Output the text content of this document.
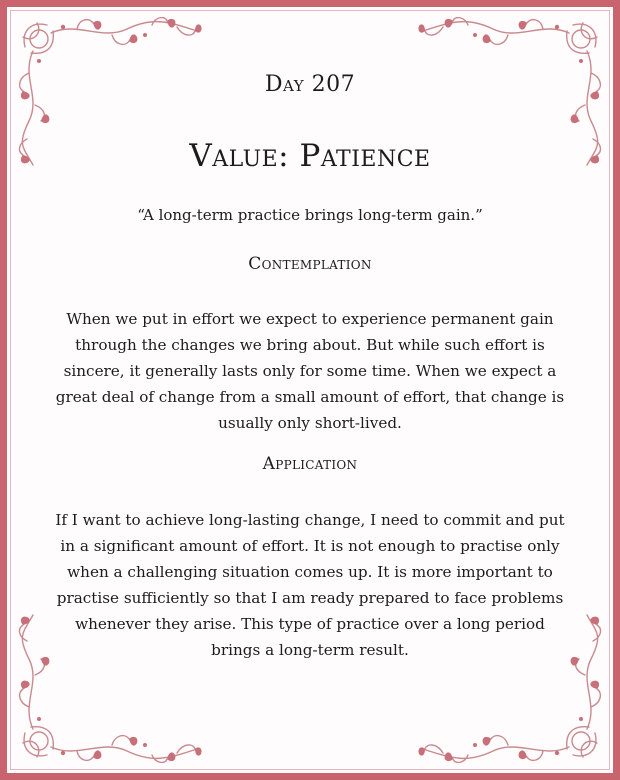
Day 207
Value: Patience
“A long-term practice brings long-term gain.”
Contemplation
When we put in effort we expect to experience permanent gain through the changes we bring about. But while such effort is sincere, it generally lasts only for some time. When we expect a great deal of change from a small amount of effort, that change is usually only short-lived.
Application
If I want to achieve long-lasting change, I need to commit and put in a significant amount of effort. It is not enough to practise only when a challenging situation comes up. It is more important to practise sufficiently so that I am ready prepared to face problems whenever they arise. This type of practice over a long period brings a long-term result.
